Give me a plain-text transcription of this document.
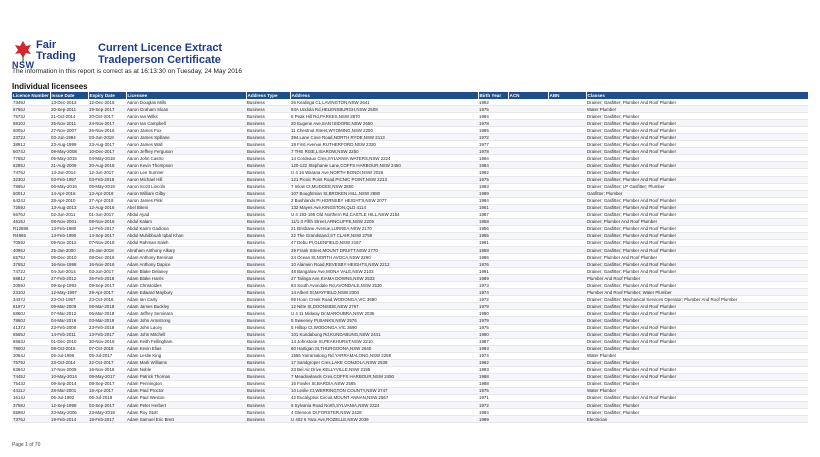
NSW
Fair
Trading
Current Licence Extract
Tradeperson Certificate
The information in this report is correct as at 16:13:30 on Tuesday, 24 May 2016
Individual licensees
Licence Number	Issue Date	Expiry Date	Licensee	Address Type	Address	Birth Year	ACN	ABN	Classes
7349J	13-Dec-2013	12-Dec-2016	Aaron Douglas Mills	Business	26 Kealinga CL,LAVINGTON,NSW 2641	1992			Drainer; Gasfitter; Plumber And Roof Plumber
6756J	20-Sep-2011	19-Sep-2017	Aaron Graham Sloan	Business	94A Undola Rd,HELENSBURGH,NSW 2508	1975			Water Plumber
7573J	21-Oct-2014	20-Oct-2017	Aaron Ian Wilks	Business	5 Peak Hill Rd,PARKES,NSW 2870	1994			Drainer; Gasfitter; Plumber
6810J	25-Nov-2011	24-Nov-2017	Aaron Ian Campbell	Business	20 Eugene Ave,SAN ISIDORE,NSW 2650	1978			Drainer; Gasfitter; Plumber And Roof Plumber
6005J	27-Nov-2007	26-Nov-2016	Aaron James Fox	Business	11 Chestnut Street,WYOMING,NSW 2250	1985			Drainer; Gasfitter; Plumber And Roof Plumber
2372J	03-Jun-1994	03-Jun-2018	Aaron James Spillane	Business	394 Lane Cove Road,NORTH RYDE,NSW 2113	1972			Drainer; Gasfitter; Plumber And Roof Plumber
3891J	23-Aug-1999	23-Aug-2017	Aaron James Wall	Business	19 First Avenue,RUTHERFORD,NSW 2320	1977			Drainer; Gasfitter; Plumber And Roof Plumber
6074J	09-May-2008	10-Dec-2017	Aaron Jeffrey Ferguson	Business	7 THE RISE,LISAROW,NSW 2250	1978			Drainer; Gasfitter; Plumber And Roof Plumber
7765J	05-May-2015	04-May-2018	Aaron John Castro	Business	14 Cordeaux Cres,SYLVANIA WATERS,NSW 2224	1994			Drainer; Gasfitter; Plumber
6295J	21-Aug-2009	20-Aug-2018	Aaron Kevin Thompson	Business	120-122 Stephanie Lane,COFFS HARBOUR,NSW 2450	1984			Drainer; Gasfitter; Plumber And Roof Plumber
7476J	13-Jun-2014	12-Jun-2017	Aaron Lee Sumner	Business	U 4 16 Warana Ave,NORTH BONDI,NSW 2026	1992			Drainer; Gasfitter; Plumber
3230J	03-Feb-1997	03-Feb-2018	Aaron Michael Hill	Business	121 Picnic Point Road,PICNIC POINT,NSW 2213	1975			Drainer; Gasfitter; Plumber And Roof Plumber
7865J	06-May-2016	05-May-2019	Aaron Scott Lincoln	Business	7 Inlow Ct,MUDGEE,NSW 2850	1993			Drainer; Gasfitter; LP Gasfitter; Plumber
6001J	14-Apr-2016	13-Apr-2019	Aaron William Gilby	Business	107 Boughtman St,BROKEN HILL,NSW 2880	1989			Gasfitter; Plumber
6424J	28-Apr-2010	27-Apr-2019	Aaron James Pink	Business	2 Bushlands PI,HORNSBY HEIGHTS,NSW 2077	1984			Drainer; Gasfitter; Plumber And Roof Plumber
7259J	13-Aug-2013	12-Aug-2016	Abel Biteni	Business	132 Mayes Ave,KINGSTON,QLD 4114	1961			Drainer; Gasfitter; Plumber And Roof Plumber
6676J	02-Jun-2011	01-Jun-2017	Abdul Ayad	Business	U 4 193-195 Old Northern Rd,CASTLE HILL,NSW 2154	1987			Drainer; Gasfitter; Plumber And Roof Plumber
4615J	08-Nov-2001	08-Nov-2016	Abdul Kalam	Business	11/1-3 Fifth Street,ARNCLIFFE,NSW 2205	1958			Drainer; Plumber And Roof Plumber
R12886	13-Feb-1980	12-Feb-2017	Abdul Karim Gadiona	Business	21 Brisbane Avenue,LURNEA,NSW 2170	1956			Drainer; Gasfitter; Plumber And Roof Plumber
R4965	13-Feb-1990	14-Sep-2017	Abdul Muhibbuah Iqbal Khan	Business	22 The Grandstand,ST CLAIR,NSW 2759	1955			Drainer; Gasfitter; Plumber And Roof Plumber
7059J	09-Nov-2012	07-Nov-2018	Abdul Rahman Saleh	Business	47 Debu PI,GLENFIELD,NSW 2167	1991			Drainer; Gasfitter; Plumber And Roof Plumber
4095J	25-Jan-2000	25-Jan-2018	Abraham Anthony Alkary	Business	29 Frank Street,MOUNT DRUITT,NSW 2770	1958			Drainer; Gasfitter; Plumber And Roof Plumber
6575J	09-Dec-2010	08-Dec-2016	Adam Anthony Brennan	Business	24 Ocean St,NORTH AVOCA,NSW 2260	1986			Drainer; Plumber And Roof Plumber
3765J	16-Nov-1998	16-Nov-2016	Adam Anthony Dapice	Business	10 Alamein Road,REVESBY HEIGHTS,NSW 2212	1976			Drainer; Gasfitter; Plumber And Roof Plumber
7472J	04-Jun-2014	03-Jun-2017	Adam Blake Delaney	Business	48 Bangalow Ave,MONA VALE,NSW 2103	1991			Drainer; Gasfitter; Plumber And Roof Plumber
6881J	27-Feb-2012	26-Feb-2018	Adam Blake Harris	Business	27 Talinga Ave,KIAMA DOWNS,NSW 2533	1989			Plumber And Roof Plumber
2059J	09-Sep-1993	09-Sep-2017	Adam Christoldes	Business	84 South Avondale Rd,AVONDALE,NSW 2530	1973			Drainer; Gasfitter; Plumber And Roof Plumber
2310J	12-May-1997	29-Apr-2017	Adam Edward Maybury	Business	14 Albert St,MAYFIELD,NSW 2304	1974			Plumber And Roof Plumber; Water Plumber
3437J	23-Oct-1997	23-Oct-2018	Adam Ian Carty	Business	99 Hoon Creek Road,WODONGA,VIC 3690	1972			Drainer; Gasfitter; Mechanical Services Operator; Plumber And Roof Plumber
6197J	09-Mar-2009	08-Mar-2018	Adam James Buckley	Business	12 Nitte St,DOONSIDE,NSW 2767	1979			Drainer; Gasfitter; Plumber And Roof Plumber
6860J	07-Mar-2012	06-Mar-2018	Adam Jeffrey Seminara	Business	U 4 11 Midway Dr,MAROUBRA,NSW 2035	1990			Drainer; Gasfitter; Plumber And Roof Plumber
7860J	04-Mar-2016	03-Mar-2019	Adam John Armstrong	Business	5 Sweeney PI,BANKS,NSW 2576	1979			Drainer; Gasfitter; Plumber
4137J	23-Feb-2000	23-Feb-2018	Adam John Lacey	Business	5 Hilltop Ct,WODONGA,VIC 3690	1975			Drainer; Gasfitter; Plumber And Roof Plumber
6565J	14-Feb-2011	13-Feb-2017	Adam John Mitchell	Business	101 Kundabung Rd,KUNDABUNG,NSW 2441	1990			Drainer; Gasfitter; Plumber And Roof Plumber
6563J	01-Dec-2010	30-Nov-2016	Adam Keith Fellingham	Business	14 Johnstone St,PEAKHURST,NSW 2210	1987			Drainer; Gasfitter; Plumber And Roof Plumber
7800J	08-Oct-2015	07-Oct-2018	Adam Kevin Elias	Business	60 Hartigan St,THURGOONA,NSW 2640	1993			Drainer; Gasfitter; Plumber
3064J	05-Jul-1996	05-Jul-2017	Adam Leslie King	Business	1555 Yarramalong Rd,YARRAMALONG,NSW 2259	1974			Water Plumber
7579J	23-Oct-2014	22-Oct-2017	Adam Mark Williams	Business	17 Sandgroper Cres,LAKE CONJOLA,NSW 2539	1982			Drainer; Gasfitter; Plumber
6364J	17-Nov-2009	16-Nov-2018	Adam Noble	Business	23 Bel Air Drive,KELLYVILLE,NSW 2155	1983			Drainer; Gasfitter; Plumber And Roof Plumber
7445J	10-May-2014	09-May-2017	Adam Patrick Thomas	Business	7 Meadowlands Cres,COFFS HARBOUR,NSW 2450	1988			Drainer; Gasfitter; Plumber And Roof Plumber
7543J	09-Sep-2014	08-Sep-2017	Adam Pennington	Business	16 Fowler St,BARDIA,NSW 2565	1988			Drainer; Gasfitter; Plumber
4411J	28-Mar-2001	18-Apr-2017	Adam Paul Proctor	Business	10 Leslie Ct,WERRINGTON COUNTY,NSW 2747	1975			Water Plumber
1614J	06-Jul-1992	06-Jul-2018	Adam Paul Weston	Business	42 Eucalyptus Circuit,MOUNT ANNAN,NSW 2567	1971			Drainer; Gasfitter; Plumber And Roof Plumber
3758J	12-Sep-1998	02-Sep-2017	Adam Peter Herbert	Business	6 Sylvania Road North,SYLVANIA,NSW 2224	1972			Drainer; Gasfitter; Plumber
5598J	23-May-2006	23-May-2018	Adam Roy Stott	Business	4 Glenoon Dr,FORSTER,NSW 2428	1984			Drainer; Gasfitter; Plumber
7376J	19-Feb-2014	18-Feb-2017	Adam Samuel Eric Brett	Business	U 402 6 Yara Ave,ROZELLE,NSW 2039	1989			Electrician
Page 1 of 70
